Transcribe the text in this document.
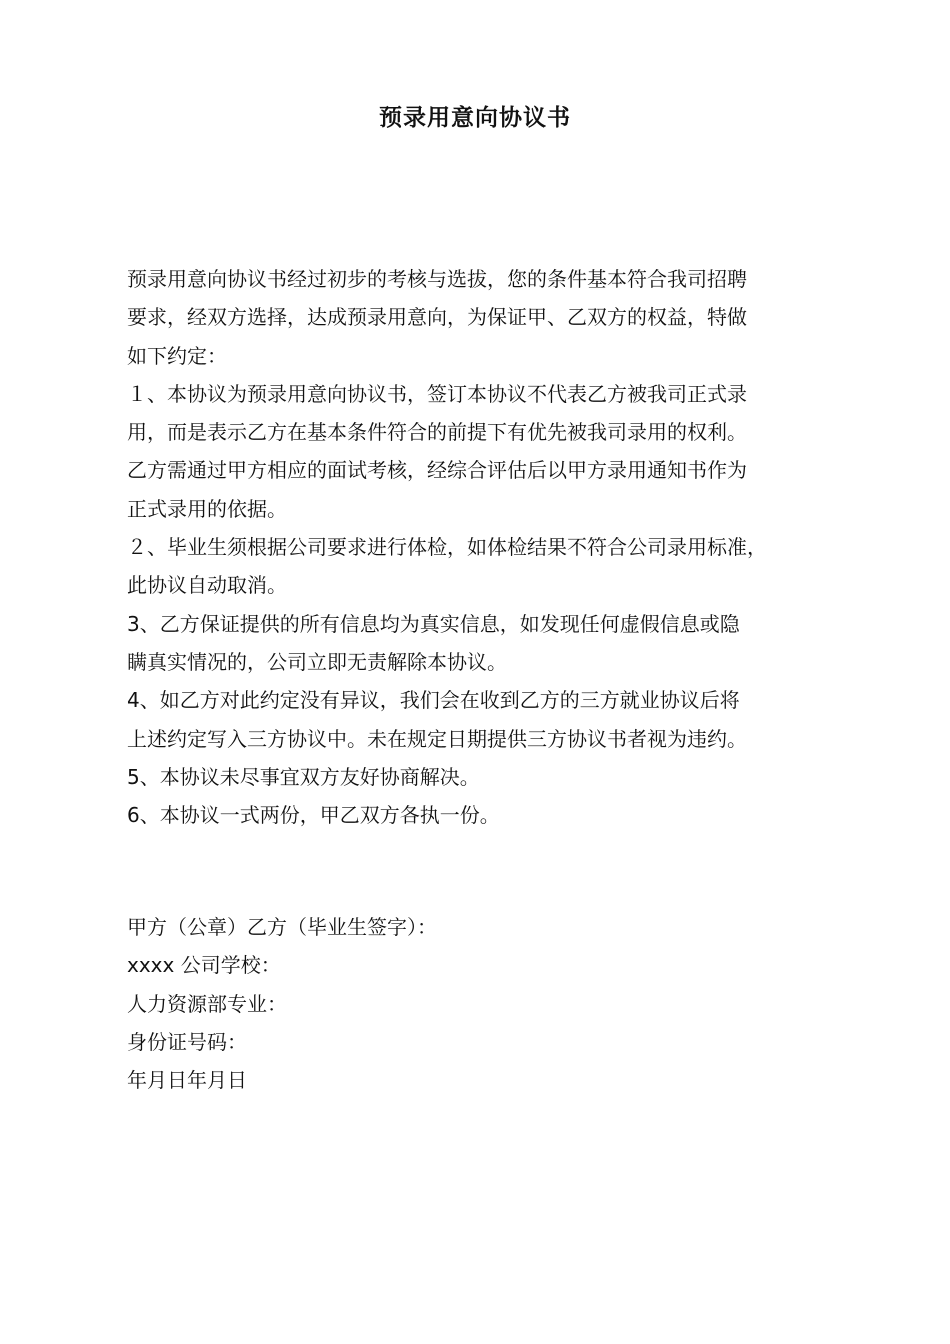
预录用意向协议书
预录用意向协议书经过初步的考核与选拔，您的条件基本符合我司招聘
要求，经双方选择，达成预录用意向，为保证甲、乙双方的权益，特做
如下约定：
１、本协议为预录用意向协议书，签订本协议不代表乙方被我司正式录
用，而是表示乙方在基本条件符合的前提下有优先被我司录用的权利。
乙方需通过甲方相应的面试考核，经综合评估后以甲方录用通知书作为
正式录用的依据。
２、毕业生须根据公司要求进行体检，如体检结果不符合公司录用标准，
此协议自动取消。
3、乙方保证提供的所有信息均为真实信息，如发现任何虚假信息或隐
瞒真实情况的，公司立即无责解除本协议。
4、如乙方对此约定没有异议，我们会在收到乙方的三方就业协议后将
上述约定写入三方协议中。未在规定日期提供三方协议书者视为违约。
5、本协议未尽事宜双方友好协商解决。
6、本协议一式两份，甲乙双方各执一份。
甲方（公章）乙方（毕业生签字）：
xxxx 公司学校：
人力资源部专业：
身份证号码：
年月日年月日
